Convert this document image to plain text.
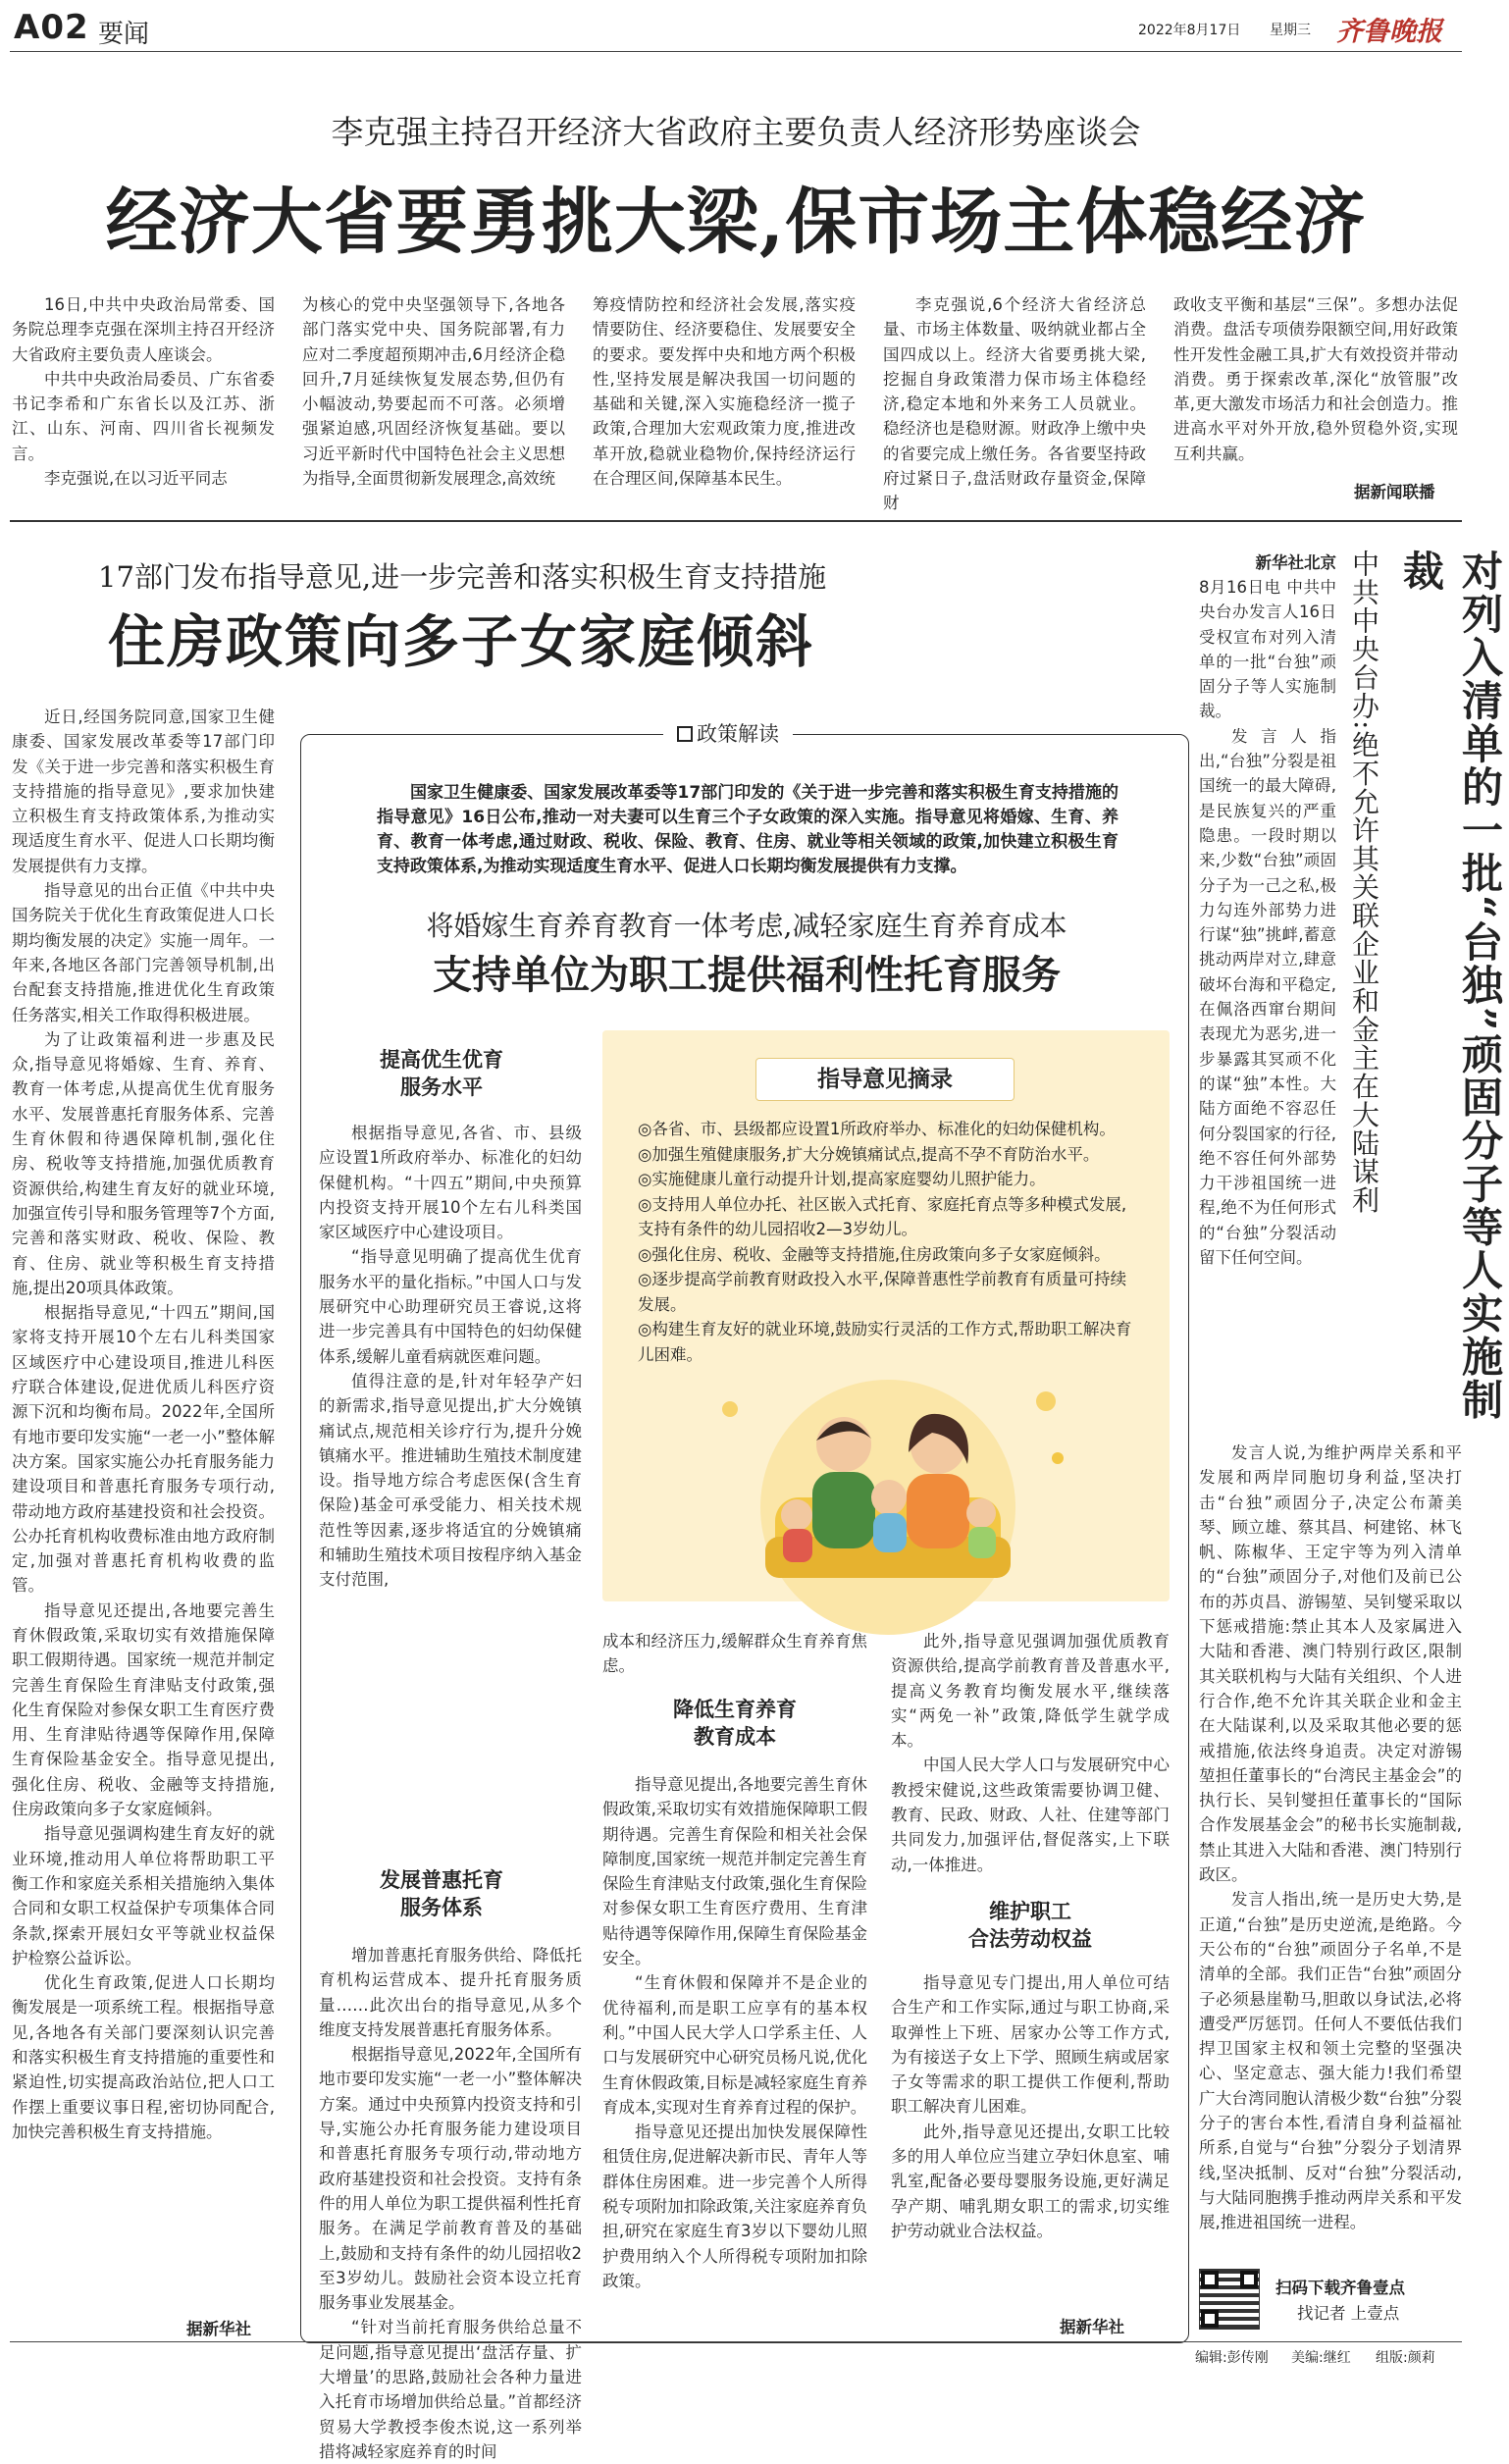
A02 要闻	2022年8月17日 星期三 齐鲁晚报
李克强主持召开经济大省政府主要负责人经济形势座谈会
经济大省要勇挑大梁,保市场主体稳经济

16日,中共中央政治局常委、国务院总理李克强在深圳主持召开经济大省政府主要负责人座谈会。

中共中央政治局委员、广东省委书记李希和广东省长以及江苏、浙江、山东、河南、四川省长视频发言。

李克强说,在以习近平同志

为核心的党中央坚强领导下,各地各部门落实党中央、国务院部署,有力应对二季度超预期冲击,6月经济企稳回升,7月延续恢复发展态势,但仍有小幅波动,势要起而不可落。必须增强紧迫感,巩固经济恢复基础。要以习近平新时代中国特色社会主义思想为指导,全面贯彻新发展理念,高效统

筹疫情防控和经济社会发展,落实疫情要防住、经济要稳住、发展要安全的要求。要发挥中央和地方两个积极性,坚持发展是解决我国一切问题的基础和关键,深入实施稳经济一揽子政策,合理加大宏观政策力度,推进改革开放,稳就业稳物价,保持经济运行在合理区间,保障基本民生。

李克强说,6个经济大省经济总量、市场主体数量、吸纳就业都占全国四成以上。经济大省要勇挑大梁,挖掘自身政策潜力保市场主体稳经济,稳定本地和外来务工人员就业。稳经济也是稳财源。财政净上缴中央的省要完成上缴任务。各省要坚持政府过紧日子,盘活财政存量资金,保障财

政收支平衡和基层“三保”。多想办法促消费。盘活专项债券限额空间,用好政策性开发性金融工具,扩大有效投资并带动消费。勇于探索改革,深化“放管服”改革,更大激发市场活力和社会创造力。推进高水平对外开放,稳外贸稳外资,实现互利共赢。

据新闻联播
17部门发布指导意见,进一步完善和落实积极生育支持措施
住房政策向多子女家庭倾斜

近日,经国务院同意,国家卫生健康委、国家发展改革委等17部门印发《关于进一步完善和落实积极生育支持措施的指导意见》,要求加快建立积极生育支持政策体系,为推动实现适度生育水平、促进人口长期均衡发展提供有力支撑。

指导意见的出台正值《中共中央 国务院关于优化生育政策促进人口长期均衡发展的决定》实施一周年。一年来,各地区各部门完善领导机制,出台配套支持措施,推进优化生育政策任务落实,相关工作取得积极进展。

为了让政策福利进一步惠及民众,指导意见将婚嫁、生育、养育、教育一体考虑,从提高优生优育服务水平、发展普惠托育服务体系、完善生育休假和待遇保障机制,强化住房、税收等支持措施,加强优质教育资源供给,构建生育友好的就业环境,加强宣传引导和服务管理等7个方面,完善和落实财政、税收、保险、教育、住房、就业等积极生育支持措施,提出20项具体政策。

根据指导意见,“十四五”期间,国家将支持开展10个左右儿科类国家区域医疗中心建设项目,推进儿科医疗联合体建设,促进优质儿科医疗资源下沉和均衡布局。2022年,全国所有地市要印发实施“一老一小”整体解决方案。国家实施公办托育服务能力建设项目和普惠托育服务专项行动,带动地方政府基建投资和社会投资。公办托育机构收费标准由地方政府制定,加强对普惠托育机构收费的监管。

指导意见还提出,各地要完善生育休假政策,采取切实有效措施保障职工假期待遇。国家统一规范并制定完善生育保险生育津贴支付政策,强化生育保险对参保女职工生育医疗费用、生育津贴待遇等保障作用,保障生育保险基金安全。指导意见提出,强化住房、税收、金融等支持措施,住房政策向多子女家庭倾斜。

指导意见强调构建生育友好的就业环境,推动用人单位将帮助职工平衡工作和家庭关系相关措施纳入集体合同和女职工权益保护专项集体合同条款,探索开展妇女平等就业权益保护检察公益诉讼。

优化生育政策,促进人口长期均衡发展是一项系统工程。根据指导意见,各地各有关部门要深刻认识完善和落实积极生育支持措施的重要性和紧迫性,切实提高政治站位,把人口工作摆上重要议事日程,密切协同配合,加快完善积极生育支持措施。

据新华社
政策解读
国家卫生健康委、国家发展改革委等17部门印发的《关于进一步完善和落实积极生育支持措施的指导意见》16日公布,推动一对夫妻可以生育三个子女政策的深入实施。指导意见将婚嫁、生育、养育、教育一体考虑,通过财政、税收、保险、教育、住房、就业等相关领域的政策,加快建立积极生育支持政策体系,为推动实现适度生育水平、促进人口长期均衡发展提供有力支撑。
将婚嫁生育养育教育一体考虑,减轻家庭生育养育成本
支持单位为职工提供福利性托育服务
提高优生优育
服务水平

根据指导意见,各省、市、县级应设置1所政府举办、标准化的妇幼保健机构。“十四五”期间,中央预算内投资支持开展10个左右儿科类国家区域医疗中心建设项目。

“指导意见明确了提高优生优育服务水平的量化指标。”中国人口与发展研究中心助理研究员王睿说,这将进一步完善具有中国特色的妇幼保健体系,缓解儿童看病就医难问题。

值得注意的是,针对年轻孕产妇的新需求,指导意见提出,扩大分娩镇痛试点,规范相关诊疗行为,提升分娩镇痛水平。推进辅助生殖技术制度建设。指导地方综合考虑医保(含生育保险)基金可承受能力、相关技术规范性等因素,逐步将适宜的分娩镇痛和辅助生殖技术项目按程序纳入基金支付范围,

指导意见摘录
◎各省、市、县级都应设置1所政府举办、标准化的妇幼保健机构。
◎加强生殖健康服务,扩大分娩镇痛试点,提高不孕不育防治水平。
◎实施健康儿童行动提升计划,提高家庭婴幼儿照护能力。
◎支持用人单位办托、社区嵌入式托育、家庭托育点等多种模式发展,支持有条件的幼儿园招收2—3岁幼儿。
◎强化住房、税收、金融等支持措施,住房政策向多子女家庭倾斜。
◎逐步提高学前教育财政投入水平,保障普惠性学前教育有质量可持续发展。
◎构建生育友好的就业环境,鼓励实行灵活的工作方式,帮助职工解决育儿困难。
发展普惠托育
服务体系

增加普惠托育服务供给、降低托育机构运营成本、提升托育服务质量……此次出台的指导意见,从多个维度支持发展普惠托育服务体系。

根据指导意见,2022年,全国所有地市要印发实施“一老一小”整体解决方案。通过中央预算内投资支持和引导,实施公办托育服务能力建设项目和普惠托育服务专项行动,带动地方政府基建投资和社会投资。支持有条件的用人单位为职工提供福利性托育服务。在满足学前教育普及的基础上,鼓励和支持有条件的幼儿园招收2至3岁幼儿。鼓励社会资本设立托育服务事业发展基金。

“针对当前托育服务供给总量不足问题,指导意见提出‘盘活存量、扩大增量’的思路,鼓励社会各种力量进入托育市场增加供给总量。”首都经济贸易大学教授李俊杰说,这一系列举措将减轻家庭养育的时间

成本和经济压力,缓解群众生育养育焦虑。

降低生育养育
教育成本

指导意见提出,各地要完善生育休假政策,采取切实有效措施保障职工假期待遇。完善生育保险和相关社会保障制度,国家统一规范并制定完善生育保险生育津贴支付政策,强化生育保险对参保女职工生育医疗费用、生育津贴待遇等保障作用,保障生育保险基金安全。

“生育休假和保障并不是企业的优待福利,而是职工应享有的基本权利。”中国人民大学人口学系主任、人口与发展研究中心研究员杨凡说,优化生育休假政策,目标是减轻家庭生育养育成本,实现对生育养育过程的保护。

指导意见还提出加快发展保障性租赁住房,促进解决新市民、青年人等群体住房困难。进一步完善个人所得税专项附加扣除政策,关注家庭养育负担,研究在家庭生育3岁以下婴幼儿照护费用纳入个人所得税专项附加扣除政策。

此外,指导意见强调加强优质教育资源供给,提高学前教育普及普惠水平,提高义务教育均衡发展水平,继续落实“两免一补”政策,降低学生就学成本。

中国人民大学人口与发展研究中心教授宋健说,这些政策需要协调卫健、教育、民政、财政、人社、住建等部门共同发力,加强评估,督促落实,上下联动,一体推进。

维护职工
合法劳动权益

指导意见专门提出,用人单位可结合生产和工作实际,通过与职工协商,采取弹性上下班、居家办公等工作方式,为有接送子女上下学、照顾生病或居家子女等需求的职工提供工作便利,帮助职工解决育儿困难。

此外,指导意见还提出,女职工比较多的用人单位应当建立孕妇休息室、哺乳室,配备必要母婴服务设施,更好满足孕产期、哺乳期女职工的需求,切实维护劳动就业合法权益。

据新华社
对列入清单的一批“台独”顽固分子等人实施制裁
中共中央台办:绝不允许其关联企业和金主在大陆谋利
新华社北京

8月16日电 中共中央台办发言人16日受权宣布对列入清单的一批“台独”顽固分子等人实施制裁。

发言人指出,“台独”分裂是祖国统一的最大障碍,是民族复兴的严重隐患。一段时期以来,少数“台独”顽固分子为一己之私,极力勾连外部势力进行谋“独”挑衅,蓄意挑动两岸对立,肆意破坏台海和平稳定,在佩洛西窜台期间表现尤为恶劣,进一步暴露其冥顽不化的谋“独”本性。大陆方面绝不容忍任何分裂国家的行径,绝不容任何外部势力干涉祖国统一进程,绝不为任何形式的“台独”分裂活动留下任何空间。

发言人说,为维护两岸关系和平发展和两岸同胞切身利益,坚决打击“台独”顽固分子,决定公布萧美琴、顾立雄、蔡其昌、柯建铭、林飞帆、陈椒华、王定宇等为列入清单的“台独”顽固分子,对他们及前已公布的苏贞昌、游锡堃、吴钊燮采取以下惩戒措施:禁止其本人及家属进入大陆和香港、澳门特别行政区,限制其关联机构与大陆有关组织、个人进行合作,绝不允许其关联企业和金主在大陆谋利,以及采取其他必要的惩戒措施,依法终身追责。决定对游锡堃担任董事长的“台湾民主基金会”的执行长、吴钊燮担任董事长的“国际合作发展基金会”的秘书长实施制裁,禁止其进入大陆和香港、澳门特别行政区。

发言人指出,统一是历史大势,是正道,“台独”是历史逆流,是绝路。今天公布的“台独”顽固分子名单,不是清单的全部。我们正告“台独”顽固分子必须悬崖勒马,胆敢以身试法,必将遭受严厉惩罚。任何人不要低估我们捍卫国家主权和领土完整的坚强决心、坚定意志、强大能力!我们希望广大台湾同胞认清极少数“台独”分裂分子的害台本性,看清自身利益福祉所系,自觉与“台独”分裂分子划清界线,坚决抵制、反对“台独”分裂活动,与大陆同胞携手推动两岸关系和平发展,推进祖国统一进程。

扫码下载齐鲁壹点
找记者 上壹点
编辑:彭传刚 美编:继红 组版:颜莉
